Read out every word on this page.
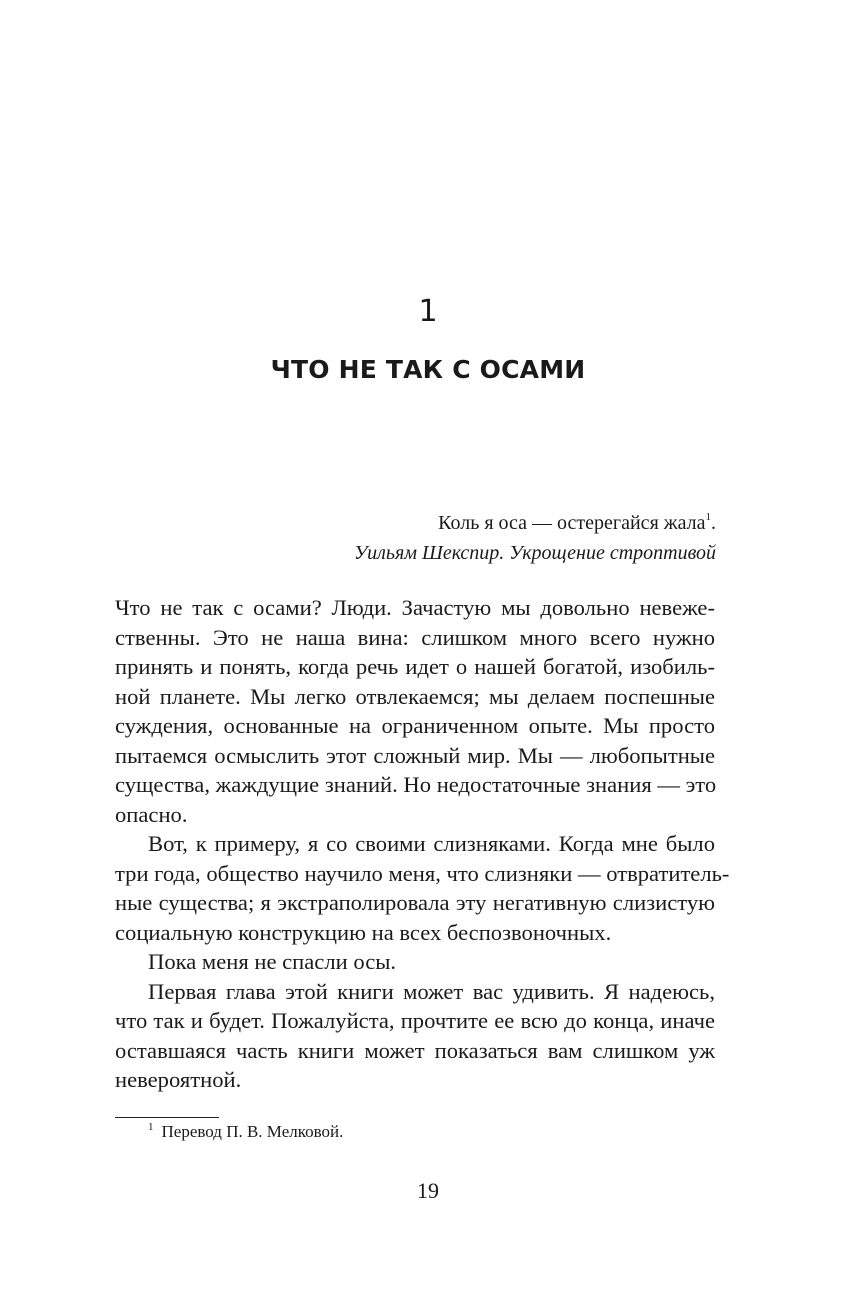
1
ЧТО НЕ ТАК С ОСАМИ
Коль я оса — остерегайся жала$^1$.
Уильям Шекспир. Укрощение строптивой
Что не так с осами? Люди. Зачастую мы довольно невеже-
ственны. Это не наша вина: слишком много всего нужно
принять и понять, когда речь идет о нашей богатой, изобиль-
ной планете. Мы легко отвлекаемся; мы делаем поспешные
суждения, основанные на ограниченном опыте. Мы просто
пытаемся осмыслить этот сложный мир. Мы — любопытные
существа, жаждущие знаний. Но недостаточные знания — это
опасно.
Вот, к примеру, я со своими слизняками. Когда мне было
три года, общество научило меня, что слизняки — отвратитель-
ные существа; я экстраполировала эту негативную слизистую
социальную конструкцию на всех беспозвоночных.
Пока меня не спасли осы.
Первая глава этой книги может вас удивить. Я надеюсь,
что так и будет. Пожалуйста, прочтите ее всю до конца, иначе
оставшаяся часть книги может показаться вам слишком уж
невероятной.
$^1$ Перевод П. В. Мелковой.
19
